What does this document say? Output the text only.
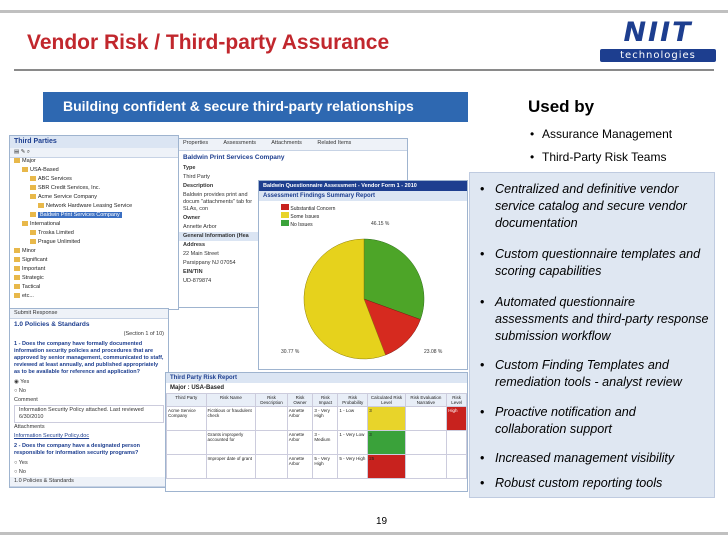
Vendor Risk / Third-party Assurance	NIIT
technologies
Building confident & secure third-party relationships
Third Parties
▤ ✎ ⌕
Major
USA-Based
ABC Services
SBR Credit Services, Inc.
Acme Service Company
Network Hardware Leasing Service
Baldwin Print Services Company
International
Troska Limited
Prague Unlimited
Minor
Significant
Important
Strategic
Tactical
etc...
Properties	Assessments	Attachments	Related Items
Baldwin Print Services Company
Type
Third Party
Description
Baldwin provides print and docum "attachments" tab for SLAs, con
Owner
Annette Arbor
General Information (Hea
Address
22 Main Street
Parsippany NJ 07054
EIN/TIN
UD-879874
Baldwin Questionnaire Assessment - Vendor Form 1 - 2010
Assessment Findings Summary Report
Substantial Concern
Some Issues
No Issues	46.15 %
30.77 %	23.08 %
Submit Response
1.0 Policies & Standards
(Section 1 of 10)
1 - Does the company have formally documented information security policies and procedures that are approved by senior management, communicated to staff, reviewed at least annually, and published appropriately as to be available for reference and application?
◉ Yes
○ No
Comment
Information Security Policy attached. Last reviewed 6/30/2010
Attachments
Information Security Policy.doc
2 - Does the company have a designated person responsible for information security programs?
○ Yes
○ No
1.0 Policies & Standards
Third Party Risk Report
Major : USA-Based
Third Party	Risk Name	Risk Description	Risk Owner	Risk Impact	Risk Probability	Calculated Risk Level	Risk Evaluation Narrative	Risk Level
Acme Service Company	Fictitious or fraudulent check		Annette Arbor	3 - Very High	1 - Low	3		High
	Grants improperly accounted for		Annette Arbor	3 - Medium	1 - Very Low	3		
	Improper date of grant		Annette Arbor	5 - Very High	5 - Very High	25		
Used by
• Assurance Management
• Third-Party Risk Teams
• Centralized and definitive vendor service catalog and secure vendor documentation
• Custom questionnaire templates and scoring capabilities
• Automated questionnaire assessments and third-party response submission workflow
• Custom Finding Templates and remediation tools - analyst review
• Proactive notification and collaboration support
• Increased management visibility
• Robust custom reporting tools
19
